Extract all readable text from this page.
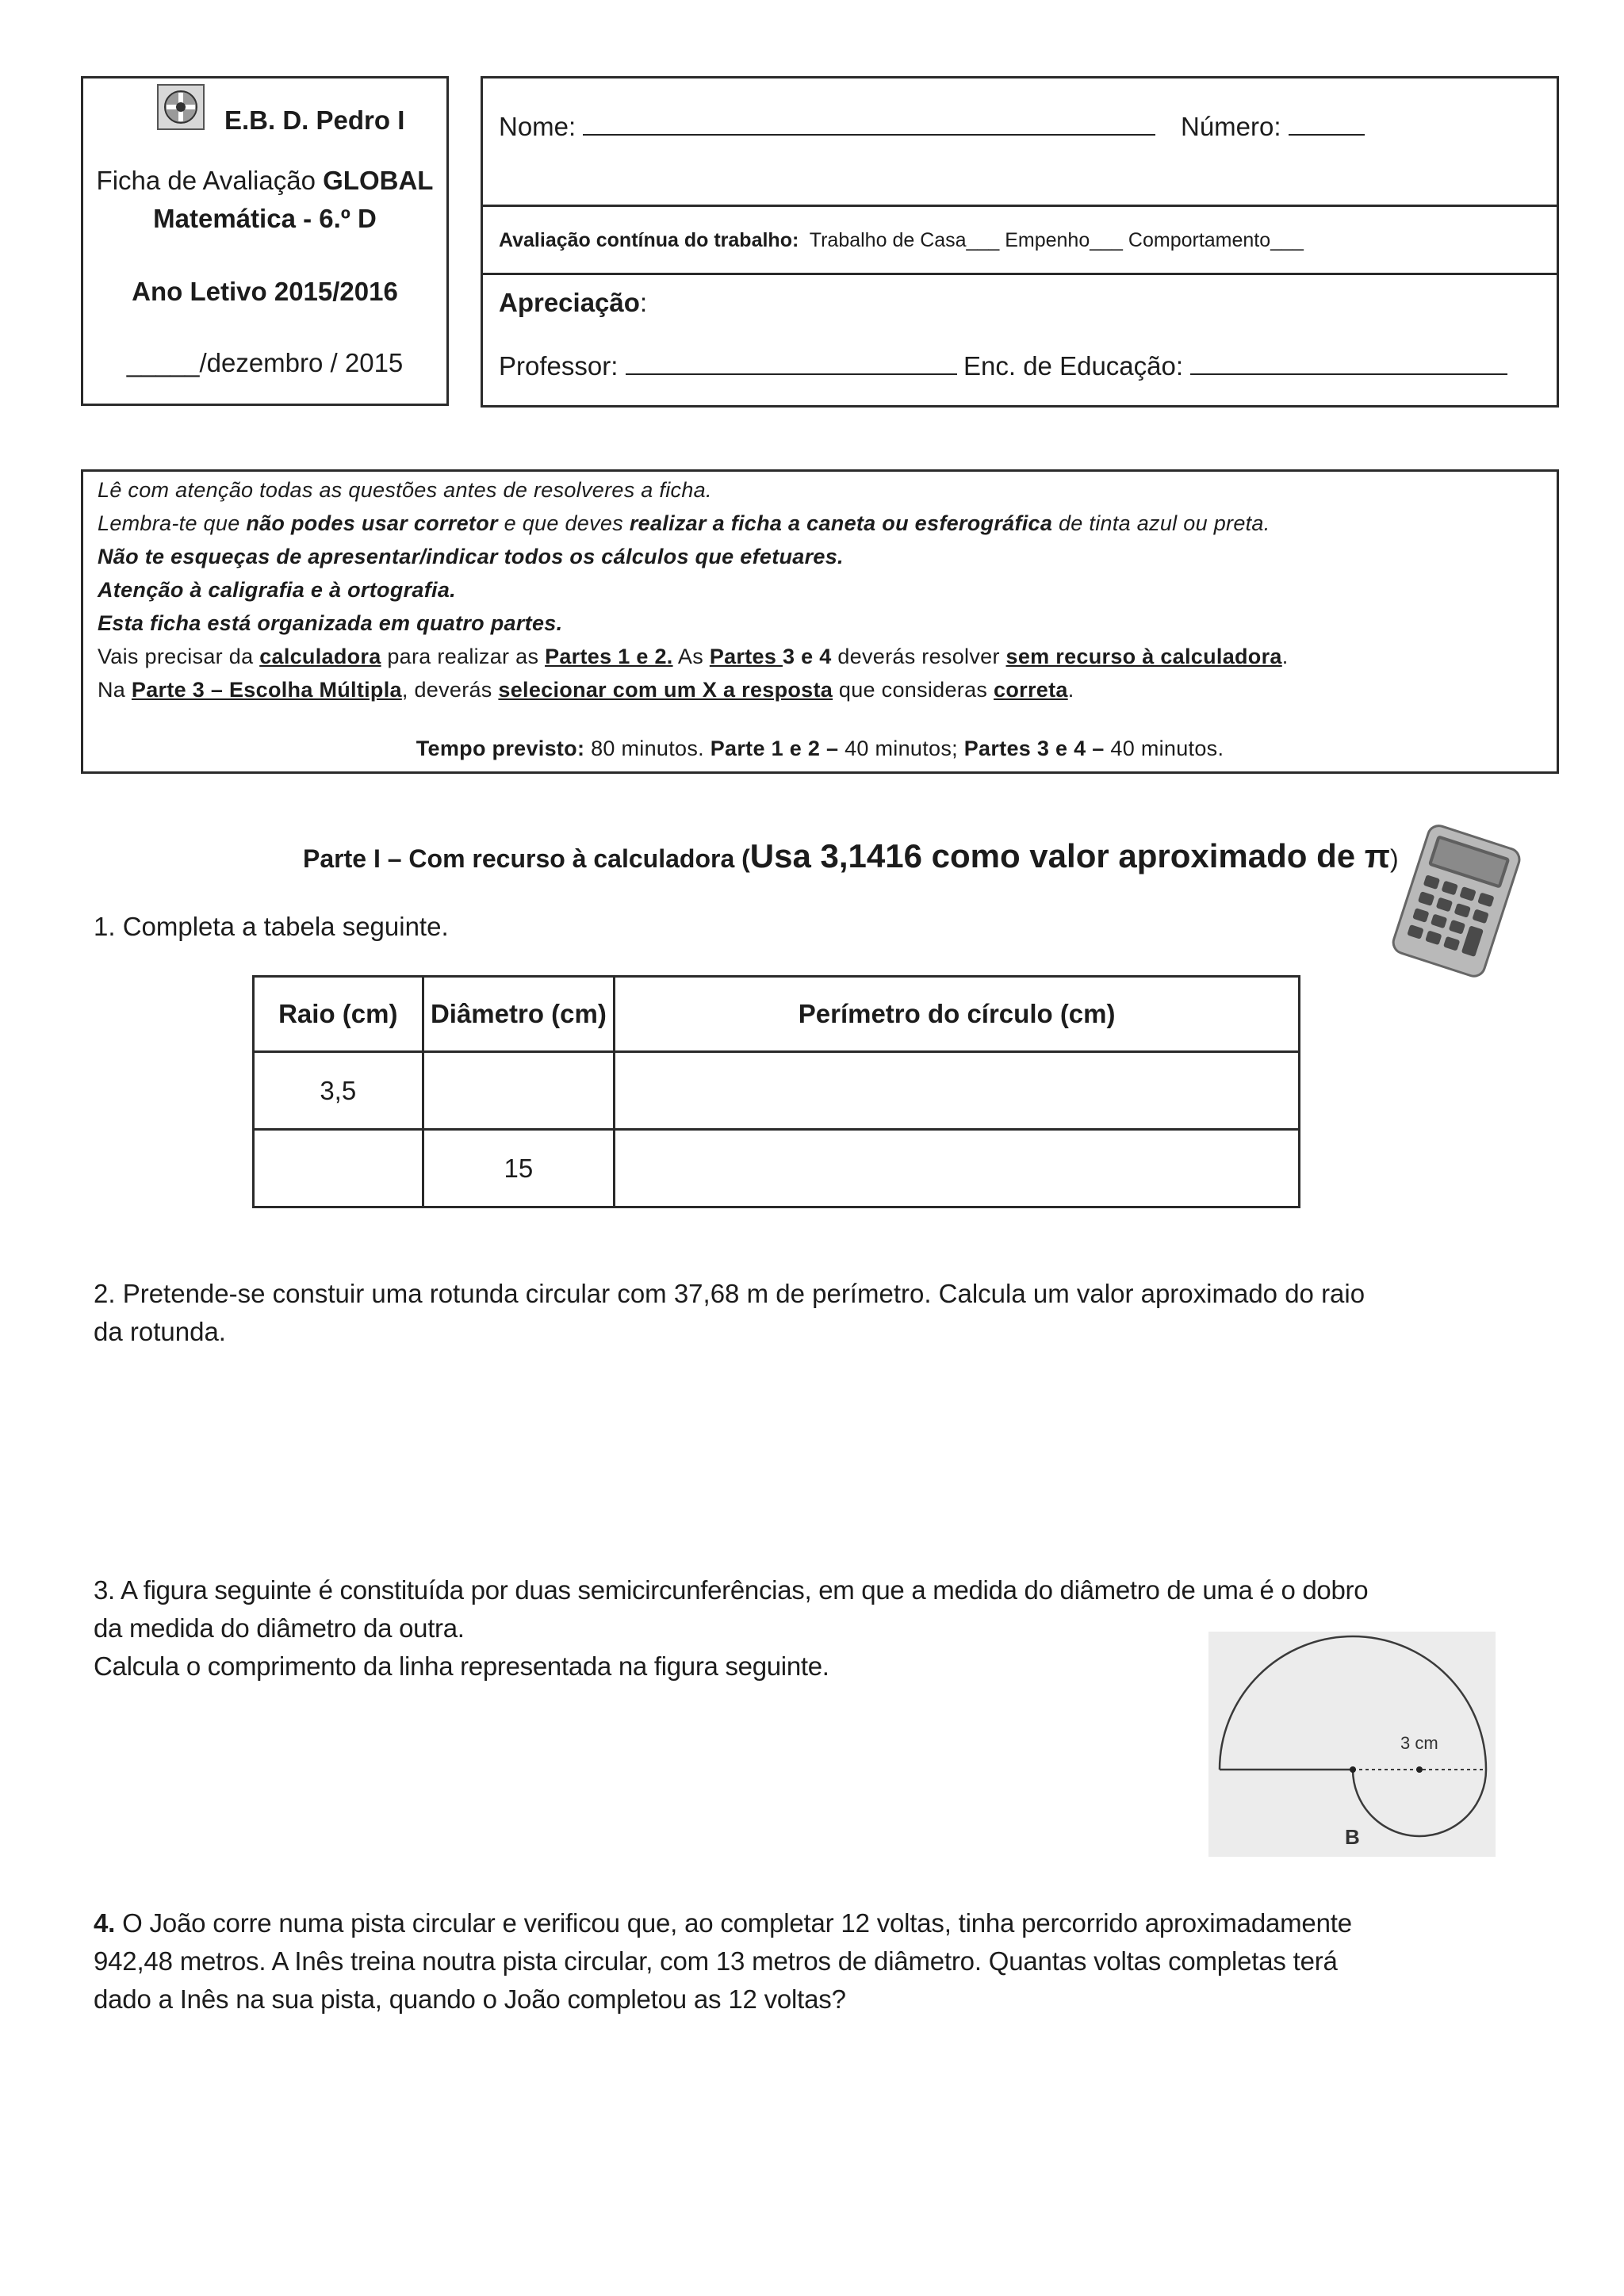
E.B. D. Pedro I
Ficha de Avaliação GLOBAL
Matemática - 6.º D
Ano Letivo 2015/2016
_____/dezembro / 2015
Nome:	Número:
Avaliação contínua do trabalho: Trabalho de Casa___ Empenho___ Comportamento___
Apreciação:
Professor:	Enc. de Educação:
Lê com atenção todas as questões antes de resolveres a ficha.
Lembra-te que não podes usar corretor e que deves realizar a ficha a caneta ou esferográfica de tinta azul ou preta.
Não te esqueças de apresentar/indicar todos os cálculos que efetuares.
Atenção à caligrafia e à ortografia.
Esta ficha está organizada em quatro partes.
Vais precisar da calculadora para realizar as Partes 1 e 2. As Partes 3 e 4 deverás resolver sem recurso à calculadora.
Na Parte 3 – Escolha Múltipla, deverás selecionar com um X a resposta que consideras correta.
Tempo previsto: 80 minutos. Parte 1 e 2 – 40 minutos; Partes 3 e 4 – 40 minutos.
Parte I – Com recurso à calculadora (Usa 3,1416 como valor aproximado de π)
1. Completa a tabela seguinte.
Raio (cm)	Diâmetro (cm)	Perímetro do círculo (cm)
3,5		
	15	
2. Pretende-se constuir uma rotunda circular com 37,68 m de perímetro. Calcula um valor aproximado do raio
da rotunda.
3. A figura seguinte é constituída por duas semicircunferências, em que a medida do diâmetro de uma é o dobro
da medida do diâmetro da outra.
Calcula o comprimento da linha representada na figura seguinte.
3 cm
B
4. O João corre numa pista circular e verificou que, ao completar 12 voltas, tinha percorrido aproximadamente
942,48 metros. A Inês treina noutra pista circular, com 13 metros de diâmetro. Quantas voltas completas terá
dado a Inês na sua pista, quando o João completou as 12 voltas?
